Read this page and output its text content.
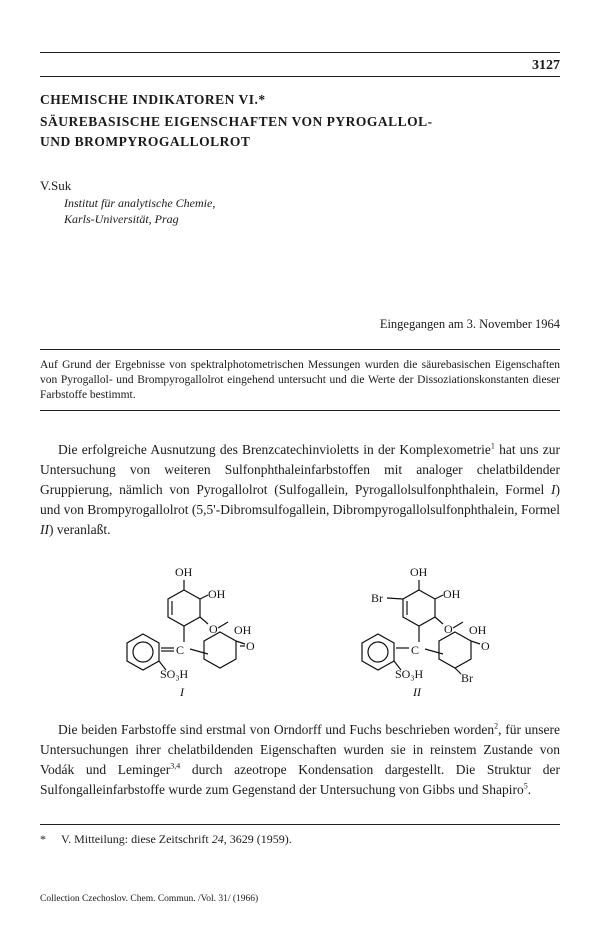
3127
CHEMISCHE INDIKATOREN VI.*
SÄUREBASISCHE EIGENSCHAFTEN VON PYROGALLOL-
UND BROMPYROGALLOLROT
V.Suk
Institut für analytische Chemie,
Karls-Universität, Prag
Eingegangen am 3. November 1964
Auf Grund der Ergebnisse von spektralphotometrischen Messungen wurden die säurebasischen Eigenschaften von Pyrogallol- und Brompyrogallolrot eingehend untersucht und die Werte der Dissoziationskonstanten dieser Farbstoffe bestimmt.

Die erfolgreiche Ausnutzung des Brenzcatechinvioletts in der Komplexometrie$^1$ hat uns zur Untersuchung von weiteren Sulfonphthaleinfarbstoffen mit analoger chelatbildender Gruppierung, nämlich von Pyrogallolrot (Sulfogallein, Pyrogallolsulfonphthalein, Formel I) und von Brompyrogallolrot (5,5'-Dibromsulfogallein, Dibrompyrogallolsulfonphthalein, Formel II) veranlaßt.

OH
OH
O OH
C
SO₃H
O
I
OH
Br	OH
O OH
C
SO₃H
O
Br
II

Die beiden Farbstoffe sind erstmal von Orndorff und Fuchs beschrieben worden$^2$, für unsere Untersuchungen ihrer chelatbildenden Eigenschaften wurden sie in reinstem Zustande von Vodák und Leminger$^{3,4}$ durch azeotrope Kondensation dargestellt. Die Struktur der Sulfongalleinfarbstoffe wurde zum Gegenstand der Untersuchung von Gibbs und Shapiro$^5$.

* V. Mitteilung: diese Zeitschrift 24, 3629 (1959).
Collection Czechoslov. Chem. Commun. /Vol. 31/ (1966)
